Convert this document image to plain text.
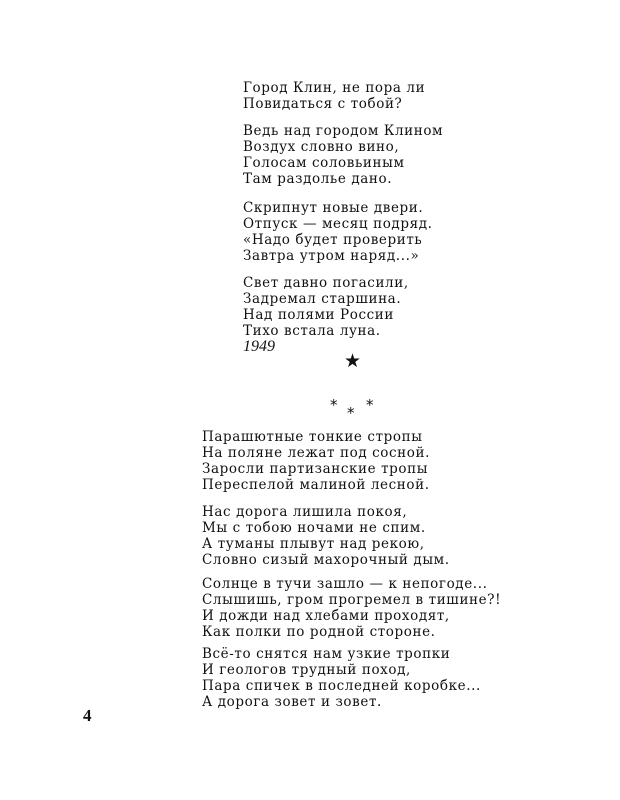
Город Клин, не пора ли
Повидаться с тобой?
Ведь над городом Клином
Воздух словно вино,
Голосам соловьиным
Там раздолье дано.
Скрипнут новые двери.
Отпуск — месяц подряд.
«Надо будет проверить
Завтра утром наряд...»
Свет давно погасили,
Задремал старшина.
Над полями России
Тихо встала луна.
1949
★
* * *
Парашютные тонкие стропы
На поляне лежат под сосной.
Заросли партизанские тропы
Переспелой малиной лесной.
Нас дорога лишила покоя,
Мы с тобою ночами не спим.
А туманы плывут над рекою,
Словно сизый махорочный дым.
Солнце в тучи зашло — к непогоде...
Слышишь, гром прогремел в тишине?!
И дожди над хлебами проходят,
Как полки по родной стороне.
Всё-то снятся нам узкие тропки
И геологов трудный поход,
Пара спичек в последней коробке...
А дорога зовет и зовет.
4
